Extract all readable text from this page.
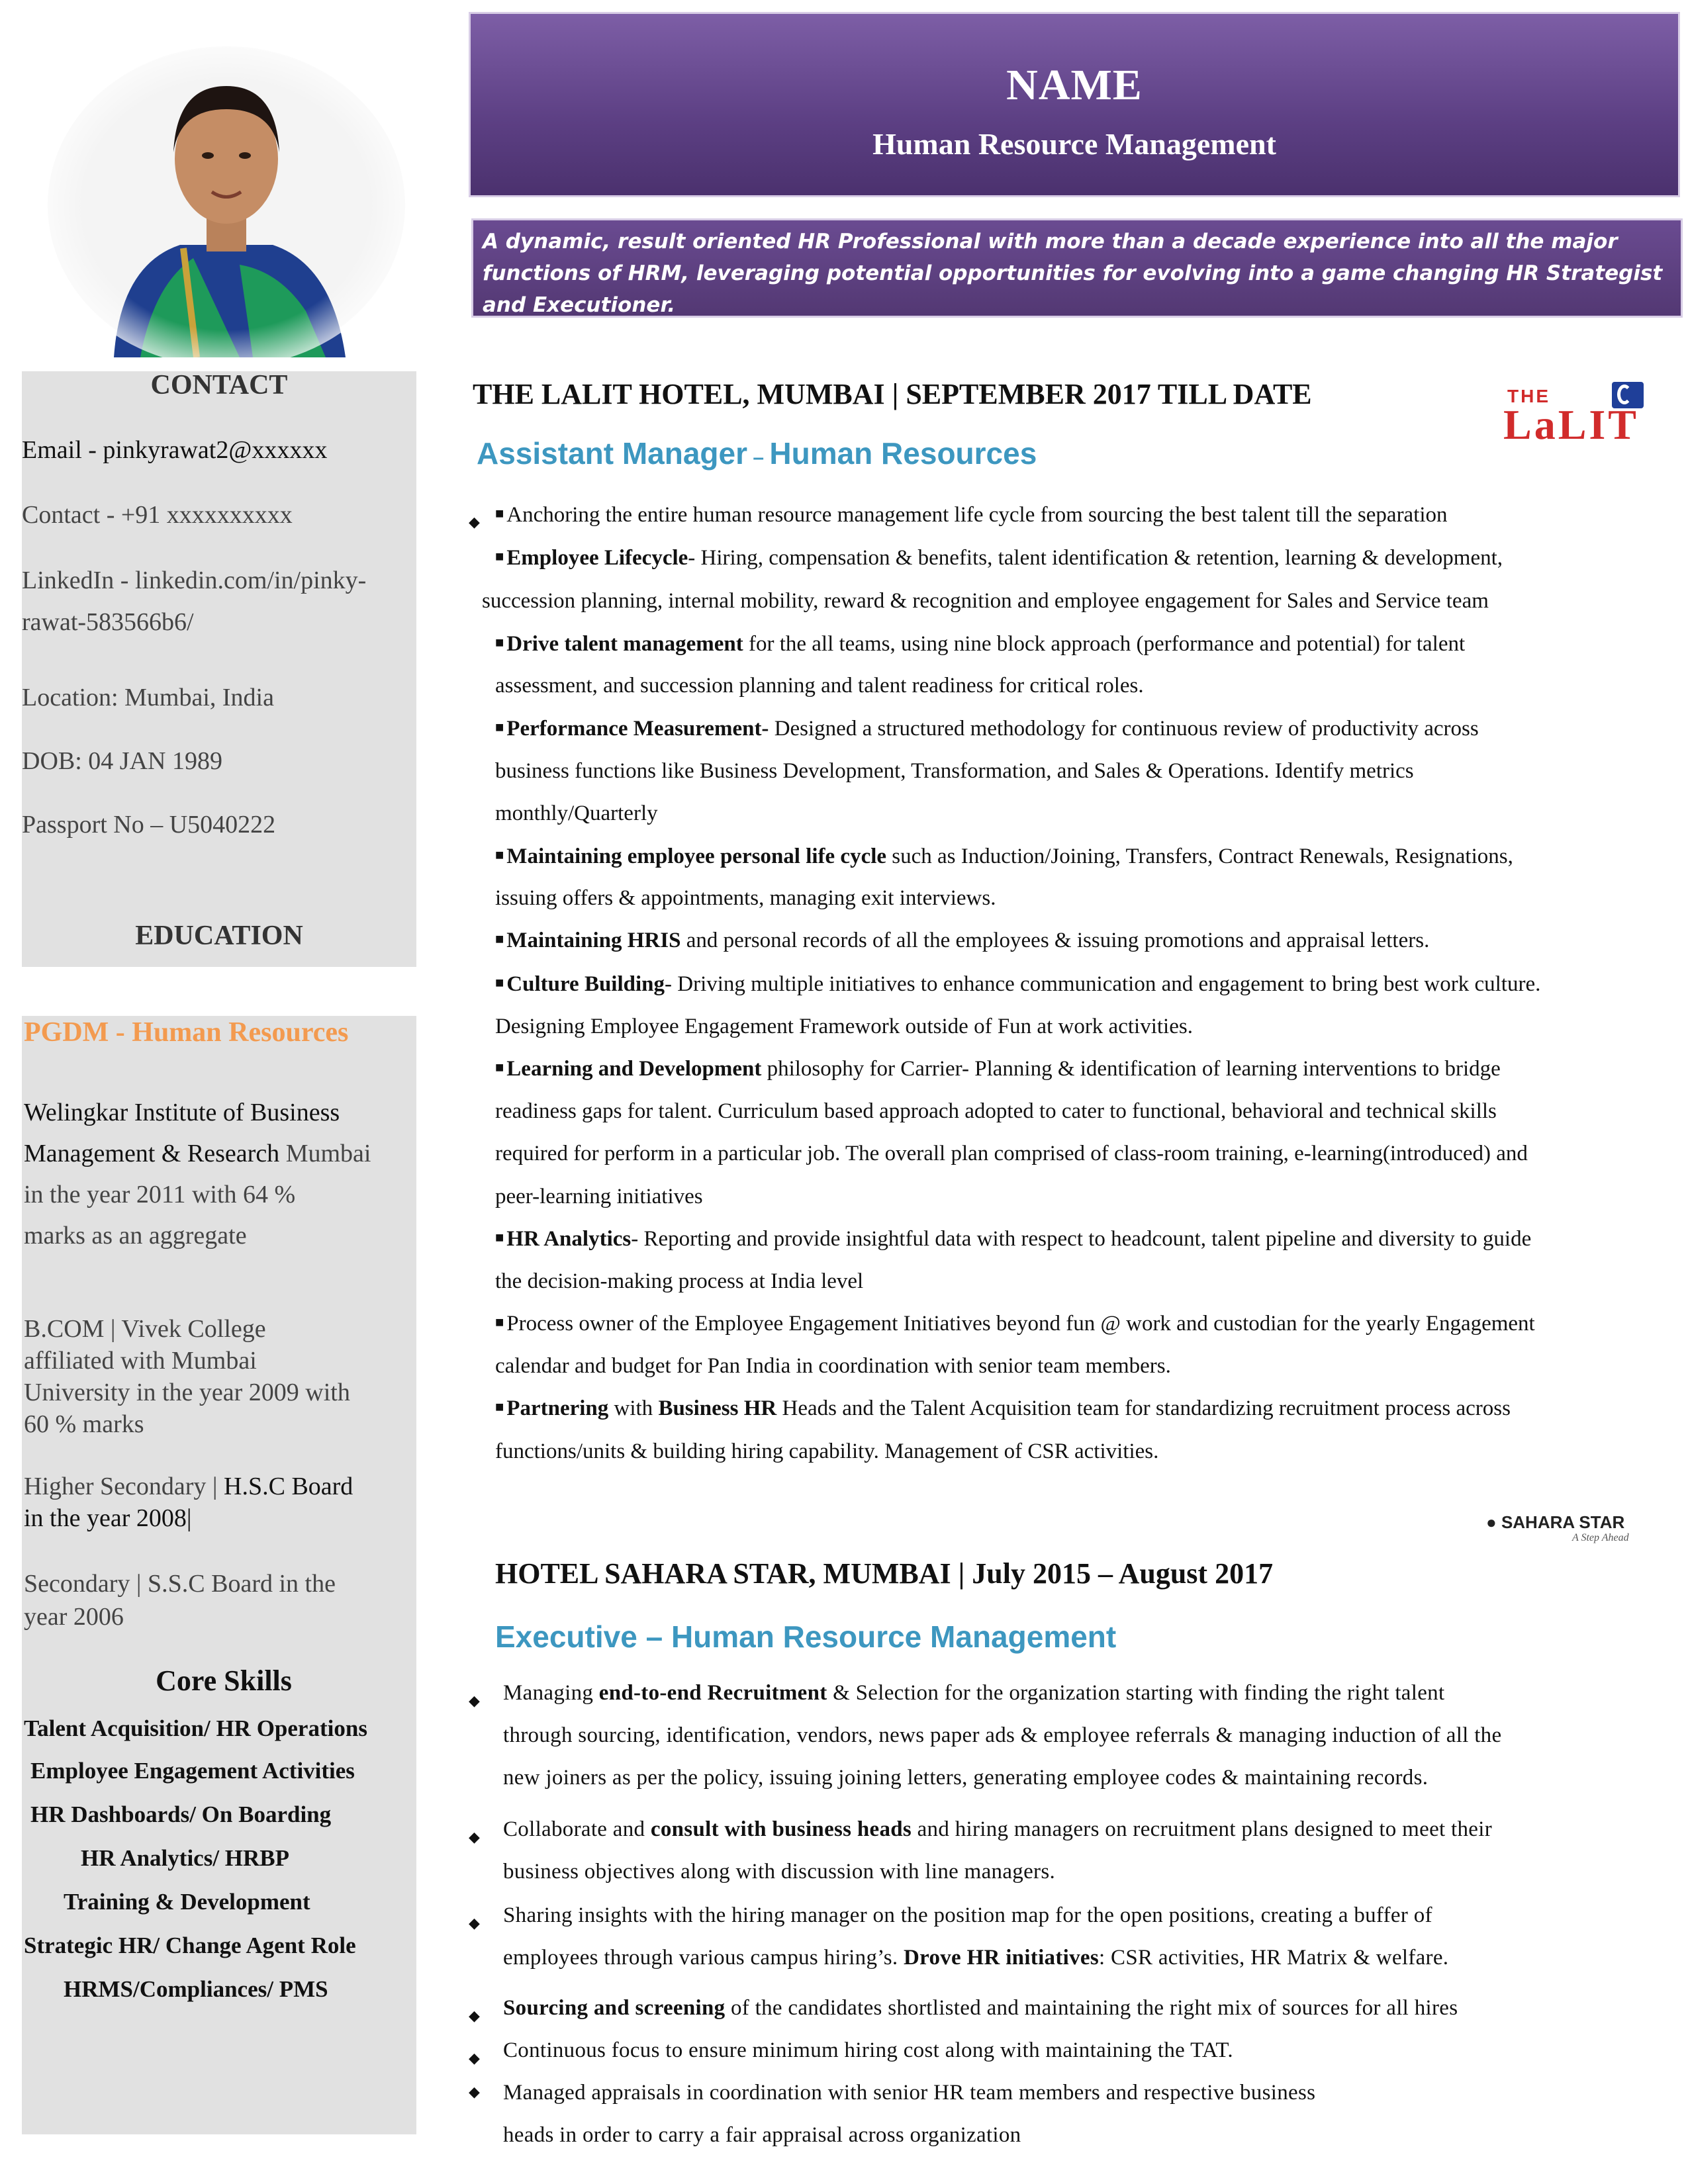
NAME
Human Resource Management
A dynamic, result oriented HR Professional with more than a decade experience into all the major functions of HRM, leveraging potential opportunities for evolving into a game changing HR Strategist and Executioner.
CONTACT
Email - pinkyrawat2@xxxxxx
Contact - +91 xxxxxxxxxx
LinkedIn - linkedin.com/in/pinky-
rawat-583566b6/
Location: Mumbai, India
DOB: 04 JAN 1989
Passport No – U5040222
EDUCATION
PGDM - Human Resources
Welingkar Institute of Business
Management & Research Mumbai
in the year 2011 with 64 %
marks as an aggregate
B.COM | Vivek College
affiliated with Mumbai
University in the year 2009 with
60 % marks
Higher Secondary | H.S.C Board
in the year 2008|
Secondary | S.S.C Board in the
year 2006
Core Skills
Talent Acquisition/ HR Operations
Employee Engagement Activities
HR Dashboards/ On Boarding
HR Analytics/ HRBP
Training & Development
Strategic HR/ Change Agent Role
HRMS/Compliances/ PMS
THE LALIT HOTEL, MUMBAI | SEPTEMBER 2017 TILL DATE
Assistant Manager – Human Resources
THE
LaLIT
◆
■ Anchoring the entire human resource management life cycle from sourcing the best talent till the separation
■ Employee Lifecycle- Hiring, compensation & benefits, talent identification & retention, learning & development,
succession planning, internal mobility, reward & recognition and employee engagement for Sales and Service team
■ Drive talent management for the all teams, using nine block approach (performance and potential) for talent
assessment, and succession planning and talent readiness for critical roles.
■ Performance Measurement- Designed a structured methodology for continuous review of productivity across
business functions like Business Development, Transformation, and Sales & Operations. Identify metrics
monthly/Quarterly
■ Maintaining employee personal life cycle such as Induction/Joining, Transfers, Contract Renewals, Resignations,
issuing offers & appointments, managing exit interviews.
■ Maintaining HRIS and personal records of all the employees & issuing promotions and appraisal letters.
■ Culture Building- Driving multiple initiatives to enhance communication and engagement to bring best work culture.
Designing Employee Engagement Framework outside of Fun at work activities.
■ Learning and Development philosophy for Carrier- Planning & identification of learning interventions to bridge
readiness gaps for talent. Curriculum based approach adopted to cater to functional, behavioral and technical skills
required for perform in a particular job. The overall plan comprised of class-room training, e-learning(introduced) and
peer-learning initiatives
■ HR Analytics- Reporting and provide insightful data with respect to headcount, talent pipeline and diversity to guide
the decision-making process at India level
■ Process owner of the Employee Engagement Initiatives beyond fun @ work and custodian for the yearly Engagement
calendar and budget for Pan India in coordination with senior team members.
■ Partnering with Business HR Heads and the Talent Acquisition team for standardizing recruitment process across
functions/units & building hiring capability. Management of CSR activities.
● SAHARA STAR
A Step Ahead
HOTEL SAHARA STAR, MUMBAI | July 2015 – August 2017
Executive – Human Resource Management
◆ Managing end-to-end Recruitment & Selection for the organization starting with finding the right talent
through sourcing, identification, vendors, news paper ads & employee referrals & managing induction of all the
new joiners as per the policy, issuing joining letters, generating employee codes & maintaining records.
◆ Collaborate and consult with business heads and hiring managers on recruitment plans designed to meet their
business objectives along with discussion with line managers.
◆ Sharing insights with the hiring manager on the position map for the open positions, creating a buffer of
employees through various campus hiring’s. Drove HR initiatives: CSR activities, HR Matrix & welfare.
◆ Sourcing and screening of the candidates shortlisted and maintaining the right mix of sources for all hires
◆ Continuous focus to ensure minimum hiring cost along with maintaining the TAT.
◆ Managed appraisals in coordination with senior HR team members and respective business
heads in order to carry a fair appraisal across organization
